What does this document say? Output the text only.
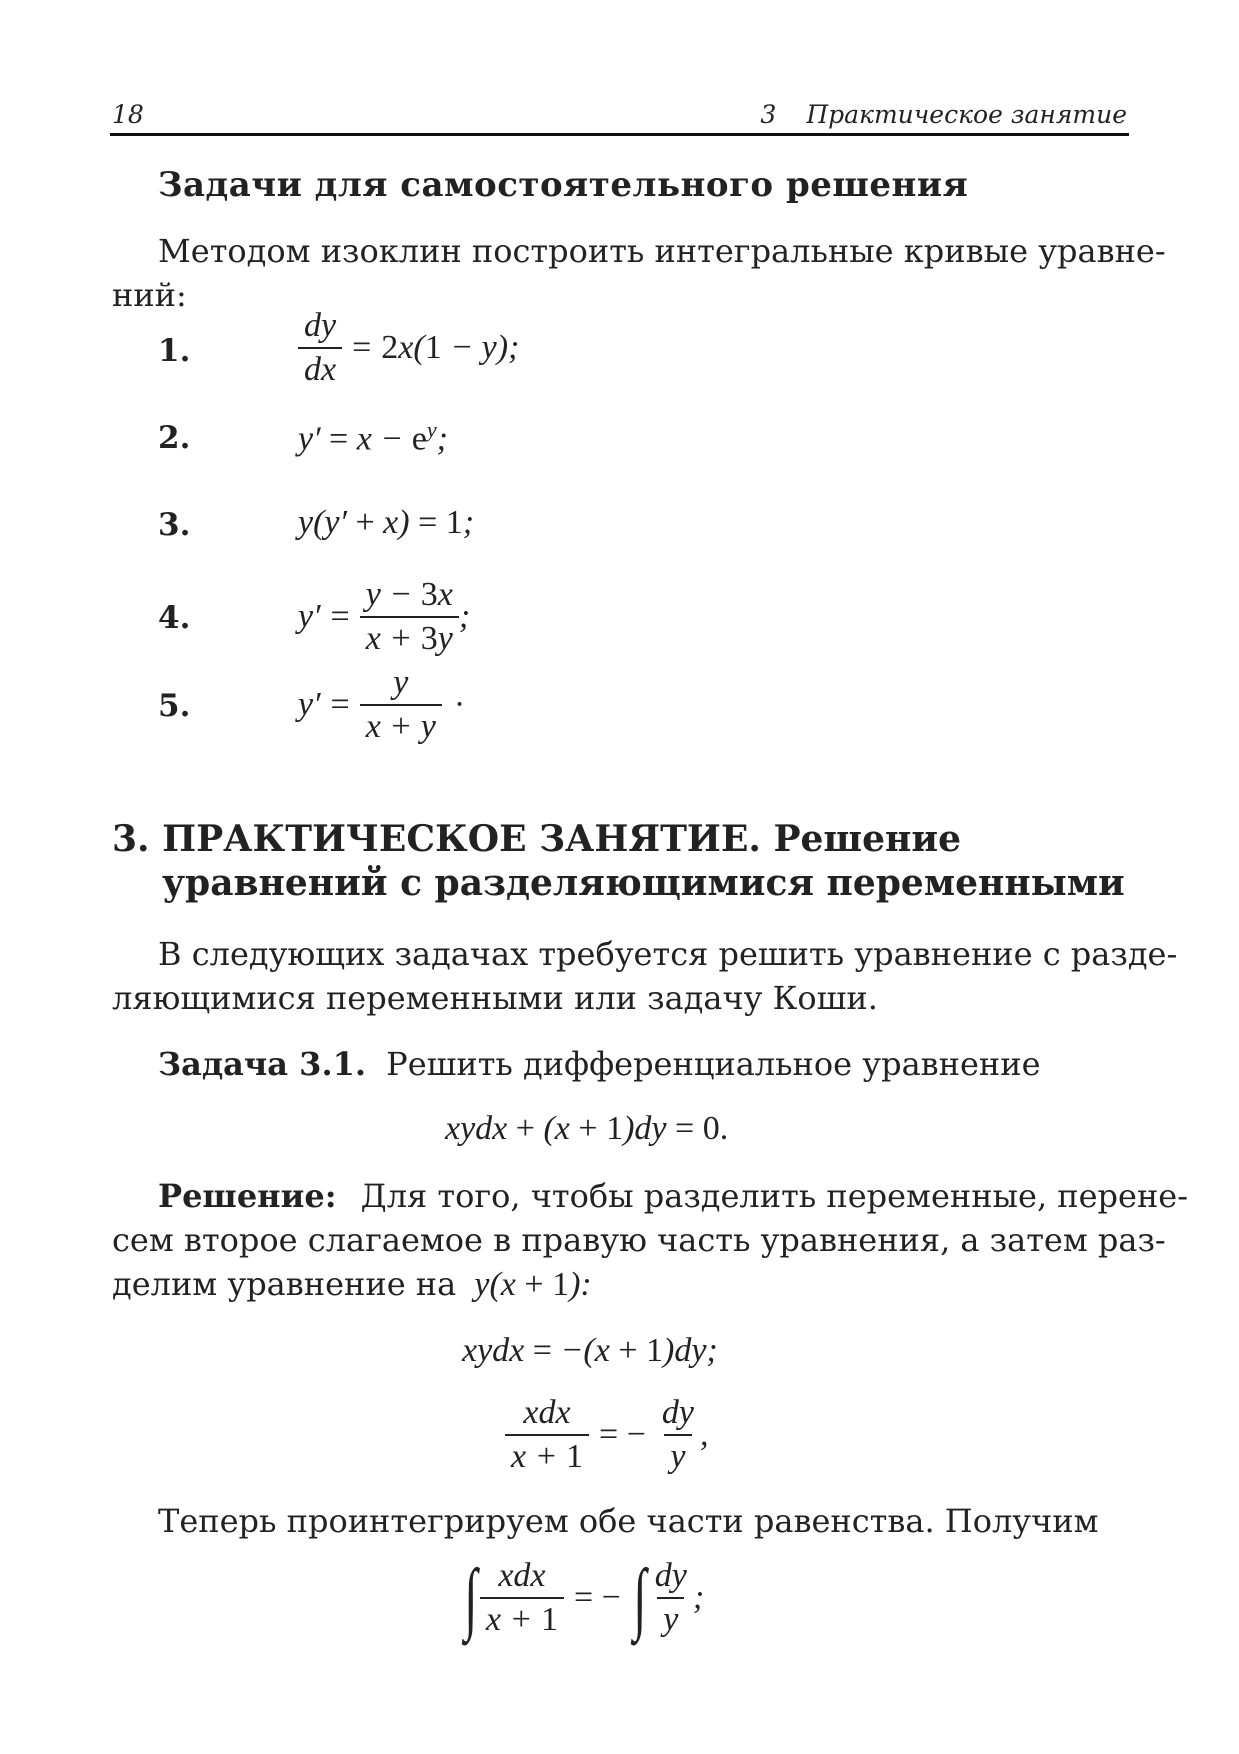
18	3 Практическое занятие
Задачи для самостоятельного решения
Методом изоклин построить интегральные кривые уравне-
ний:
1.	$\frac{dy}{dx} = 2x(1 - y)$;
2.	$y' = x - e^y$;
3.	y(y′ + x) = 1;
4.	$y' = \frac{y - 3x}{x + 3y}$ ;
5.	$y' = \frac{y}{x + y}$ ·
3. ПРАКТИЧЕСКОЕ ЗАНЯТИЕ. Решение
уравнений с разделяющимися переменными
В следующих задачах требуется решить уравнение с разде-
ляющимися переменными или задачу Коши.
Задача 3.1. Решить дифференциальное уравнение
xydx + (x + 1)dy = 0.
Решение: Для того, чтобы разделить переменные, перене-
сем второе слагаемое в правую часть уравнения, а затем раз-
делим уравнение на y(x + 1):
xydx = −(x + 1)dy;
$\frac{\text{xdx}}{x + 1}$ = − $\frac{dy}{y}$ ,
Теперь проинтегрируем обе части равенства. Получим
∫ $\frac{\text{xdx}}{x + 1}$ = − ∫ $\frac{dy}{y}$ ;
